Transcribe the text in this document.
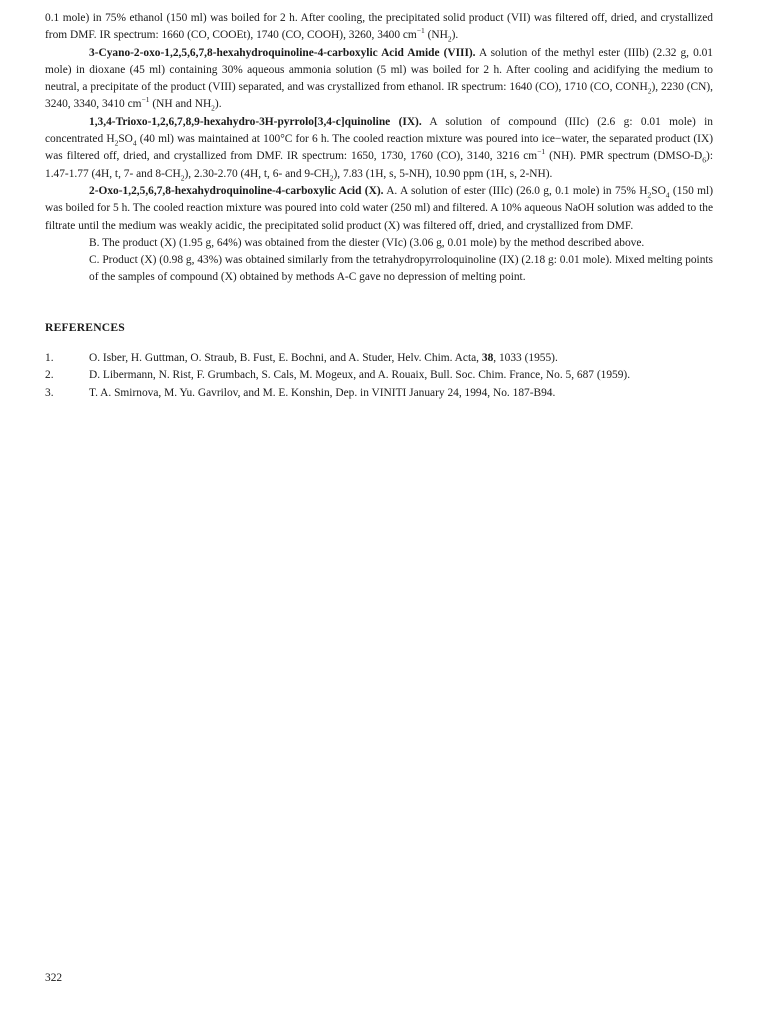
0.1 mole) in 75% ethanol (150 ml) was boiled for 2 h. After cooling, the precipitated solid product (VII) was filtered off, dried, and crystallized from DMF. IR spectrum: 1660 (CO, COOEt), 1740 (CO, COOH), 3260, 3400 $cm^{-1}$ $(NH_2)$.

3-Cyano-2-oxo-1,2,5,6,7,8-hexahydroquinoline-4-carboxylic Acid Amide (VIII). A solution of the methyl ester (IIIb) (2.32 g, 0.01 mole) in dioxane (45 ml) containing 30% aqueous ammonia solution (5 ml) was boiled for 2 h. After cooling and acidifying the medium to neutral, a precipitate of the product (VIII) separated, and was crystallized from ethanol. IR spectrum: 1640 (CO), 1710 (CO, $CONH_2$), 2230 (CN), 3240, 3340, 3410 $cm^{-1}$ (NH and $NH_2$).

1,3,4-Trioxo-1,2,6,7,8,9-hexahydro-3H-pyrrolo[3,4-c]quinoline (IX). A solution of compound (IIIc) (2.6 g: 0.01 mole) in concentrated $H_2SO_4$ (40 ml) was maintained at 100°C for 6 h. The cooled reaction mixture was poured into ice−water, the separated product (IX) was filtered off, dried, and crystallized from DMF. IR spectrum: 1650, 1730, 1760 (CO), 3140, 3216 $cm^{-1}$ (NH). PMR spectrum $(DMSO-D_6)$: 1.47-1.77 (4H, t, 7- and $8-CH_2$), 2.30-2.70 (4H, t, 6- and $9-CH_2$), 7.83 (1H, s, 5-NH), 10.90 ppm (1H, s, 2-NH).

2-Oxo-1,2,5,6,7,8-hexahydroquinoline-4-carboxylic Acid (X). A. A solution of ester (IIIc) (26.0 g, 0.1 mole) in 75% $H_2SO_4$ (150 ml) was boiled for 5 h. The cooled reaction mixture was poured into cold water (250 ml) and filtered. A 10% aqueous NaOH solution was added to the filtrate until the medium was weakly acidic, the precipitated solid product (X) was filtered off, dried, and crystallized from DMF.

B. The product (X) (1.95 g, 64%) was obtained from the diester (VIc) (3.06 g, 0.01 mole) by the method described above.

C. Product (X) (0.98 g, 43%) was obtained similarly from the tetrahydropyrroloquinoline (IX) (2.18 g: 0.01 mole). Mixed melting points of the samples of compound (X) obtained by methods A-C gave no depression of melting point.

REFERENCES
1.	O. Isber, H. Guttman, O. Straub, B. Fust, E. Bochni, and A. Studer, Helv. Chim. Acta, 38, 1033 (1955).
2.	D. Libermann, N. Rist, F. Grumbach, S. Cals, M. Mogeux, and A. Rouaix, Bull. Soc. Chim. France, No. 5, 687 (1959).
3.	T. A. Smirnova, M. Yu. Gavrilov, and M. E. Konshin, Dep. in VINITI January 24, 1994, No. 187-B94.
322
